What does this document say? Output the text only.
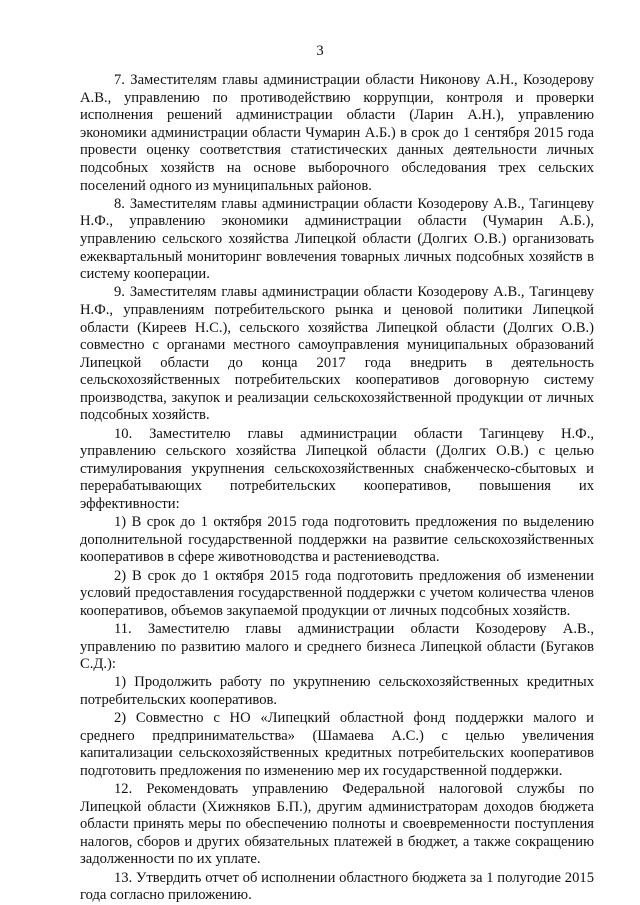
3

7. Заместителям главы администрации области Никонову А.Н., Козодерову А.В., управлению по противодействию коррупции, контроля и проверки исполнения решений администрации области (Ларин А.Н.), управлению экономики администрации области Чумарин А.Б.) в срок до 1 сентября 2015 года провести оценку соответствия статистических данных деятельности личных подсобных хозяйств на основе выборочного обследования трех сельских поселений одного из муниципальных районов.

8. Заместителям главы администрации области Козодерову А.В., Тагинцеву Н.Ф., управлению экономики администрации области (Чумарин А.Б.), управлению сельского хозяйства Липецкой области (Долгих О.В.) организовать ежеквартальный мониторинг вовлечения товарных личных подсобных хозяйств в систему кооперации.

9. Заместителям главы администрации области Козодерову А.В., Тагинцеву Н.Ф., управлениям потребительского рынка и ценовой политики Липецкой области (Киреев Н.С.), сельского хозяйства Липецкой области (Долгих О.В.) совместно с органами местного самоуправления муниципальных образований Липецкой области до конца 2017 года внедрить в деятельность сельскохозяйственных потребительских кооперативов договорную систему производства, закупок и реализации сельскохозяйственной продукции от личных подсобных хозяйств.

10. Заместителю главы администрации области Тагинцеву Н.Ф., управлению сельского хозяйства Липецкой области (Долгих О.В.) с целью стимулирования укрупнения сельскохозяйственных снабженческо-сбытовых и перерабатывающих потребительских кооперативов, повышения их эффективности:

1) В срок до 1 октября 2015 года подготовить предложения по выделению дополнительной государственной поддержки на развитие сельскохозяйственных кооперативов в сфере животноводства и растениеводства.

2) В срок до 1 октября 2015 года подготовить предложения об изменении условий предоставления государственной поддержки с учетом количества членов кооперативов, объемов закупаемой продукции от личных подсобных хозяйств.

11. Заместителю главы администрации области Козодерову А.В., управлению по развитию малого и среднего бизнеса Липецкой области (Бугаков С.Д.):

1) Продолжить работу по укрупнению сельскохозяйственных кредитных потребительских кооперативов.

2) Совместно с НО «Липецкий областной фонд поддержки малого и среднего предпринимательства» (Шамаева А.С.) с целью увеличения капитализации сельскохозяйственных кредитных потребительских кооперативов подготовить предложения по изменению мер их государственной поддержки.

12. Рекомендовать управлению Федеральной налоговой службы по Липецкой области (Хижняков Б.П.), другим администраторам доходов бюджета области принять меры по обеспечению полноты и своевременности поступления налогов, сборов и других обязательных платежей в бюджет, а также сокращению задолженности по их уплате.

13. Утвердить отчет об исполнении областного бюджета за 1 полугодие 2015 года согласно приложению.
